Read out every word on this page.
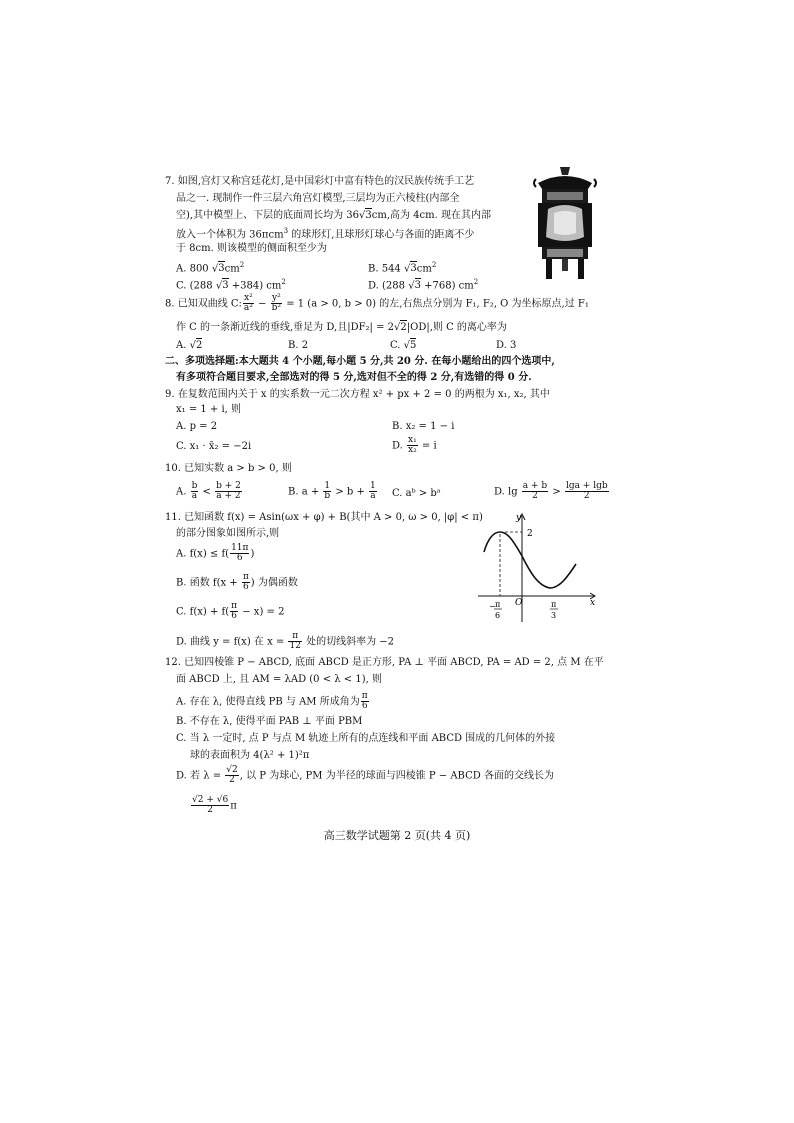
7. 如图,宫灯又称宫廷花灯,是中国彩灯中富有特色的汉民族传统手工艺
品之一. 现制作一件三层六角宫灯模型,三层均为正六棱柱(内部全
空),其中模型上、下层的底面周长均为 36√3cm,高为 4cm. 现在其内部
放入一个体积为 36πcm$^3$ 的球形灯,且球形灯球心与各面的距离不少
于 8cm. 则该模型的侧面积至少为
A. 800 $√3cm^2$	B. 544 $√3cm^2$
C. (288 √3 +384) $cm^2$	D. (288 √3 +768) $cm^2$
8. 已知双曲线 C: $\frac{\text{x²}}{\text{a²}} - \frac{\text{y²}}{\text{b²}} = 1$ (a > 0, b > 0) 的左,右焦点分别为 F₁, F₂, O 为坐标原点,过 F₁
作 C 的一条渐近线的垂线,垂足为 D,且|DF₂| = 2√2|OD|,则 C 的离心率为
A. √2	B. 2	C. √5	D. 3
二、多项选择题:本大题共 4 个小题,每小题 5 分,共 20 分. 在每小题给出的四个选项中,
有多项符合题目要求,全部选对的得 5 分,选对但不全的得 2 分,有选错的得 0 分.
9. 在复数范围内关于 x 的实系数一元二次方程 x² + px + 2 = 0 的两根为 x₁, x₂, 其中
x₁ = 1 + i, 则
A. p = 2	B. x₂ = 1 − i
C. x₁ · x̄₂ = −2i	D. $\frac{\text{x₁}}{\text{x₂}} = i$
10. 已知实数 a > b > 0, 则
A. $\frac{b}{a} < \frac{b + 2}{a + 2}$	B. $a + \frac{1}{b} > b + \frac{1}{a} C$. aᵇ > bᵃ	D. $\lg \frac{a + b}{2} > \frac{\lg a + \lg b}{2}$
11. 已知函数 f(x) = Asin(ωx + φ) + B(其中 A > 0, ω > 0, |φ| < π)
的部分图象如图所示,则
A. $f(x) \le f( \frac{11\pi}{6}$ )
B. 函数 $f(x + \frac{\pi}{6}$ ) 为偶函数
C. $f(x) + f( \frac{\pi}{6} - x) = 2$
D. 曲线 y = f(x) 在 $x = \frac{\pi}{12}$ 处的切线斜率为 −2
y
x
O
2
− π
6
π
3
12. 已知四棱锥 P − ABCD, 底面 ABCD 是正方形, PA ⊥ 平面 ABCD, PA = AD = 2, 点 M 在平
面 ABCD 上, 且 AM = λAD (0 < λ < 1), 则
A. 存在 λ, 使得直线 PB 与 AM 所成角为 $\frac{\pi}{6}$
B. 不存在 λ, 使得平面 PAB ⊥ 平面 PBM
C. 当 λ 一定时, 点 P 与点 M 轨迹上所有的点连线和平面 ABCD 围成的几何体的外接
球的表面积为 4(λ² + 1)²π
D. 若 $\lambda = \frac{√2}{2}$ , 以 P 为球心, PM 为半径的球面与四棱锥 P − ABCD 各面的交线长为
$\frac{√2 + √6}{2}$ π
高三数学试题第 2 页(共 4 页)
